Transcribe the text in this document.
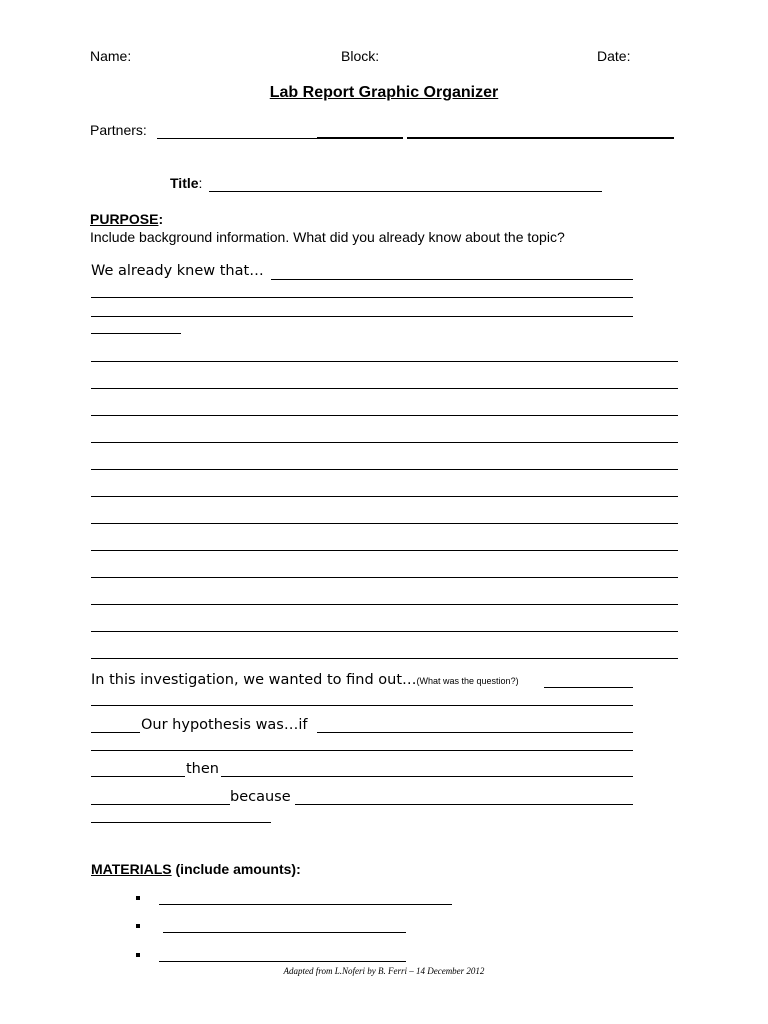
Name:	Block:	Date:
Lab Report Graphic Organizer
Partners:
Title:
PURPOSE:
Include background information. What did you already know about the topic?
We already knew that…
In this investigation, we wanted to find out…(What was the question?)
Our hypothesis was…if
then
because
MATERIALS (include amounts):
Adapted from L.Noferi by B. Ferri – 14 December 2012
